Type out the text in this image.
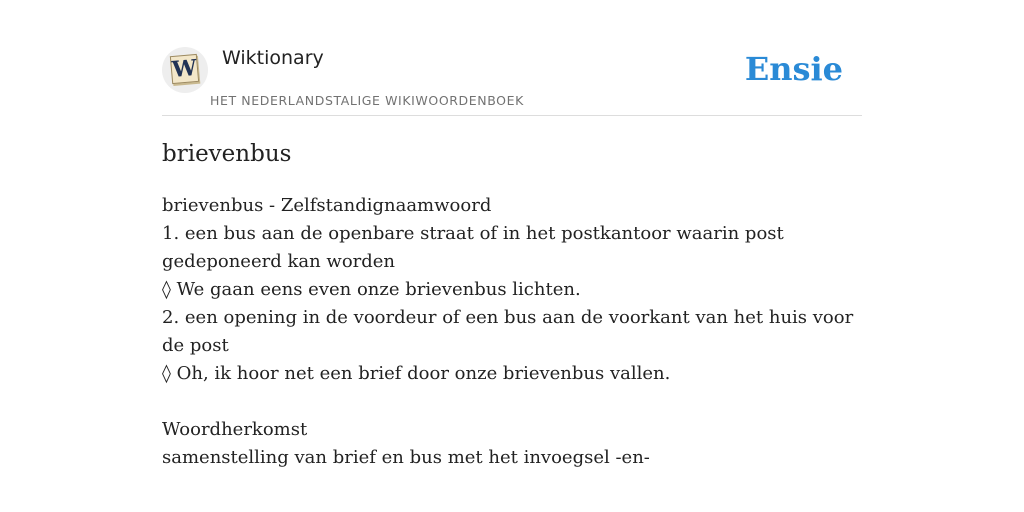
W Wiktionary
HET NEDERLANDSTALIGE WIKIWOORDENBOEK
Ensie
brievenbus

brievenbus - Zelfstandignaamwoord

1. een bus aan de openbare straat of in het postkantoor waarin post gedeponeerd kan worden

◊ We gaan eens even onze brievenbus lichten.

2. een opening in de voordeur of een bus aan de voorkant van het huis voor de post

◊ Oh, ik hoor net een brief door onze brievenbus vallen.

Woordherkomst

samenstelling van brief en bus met het invoegsel -en-
